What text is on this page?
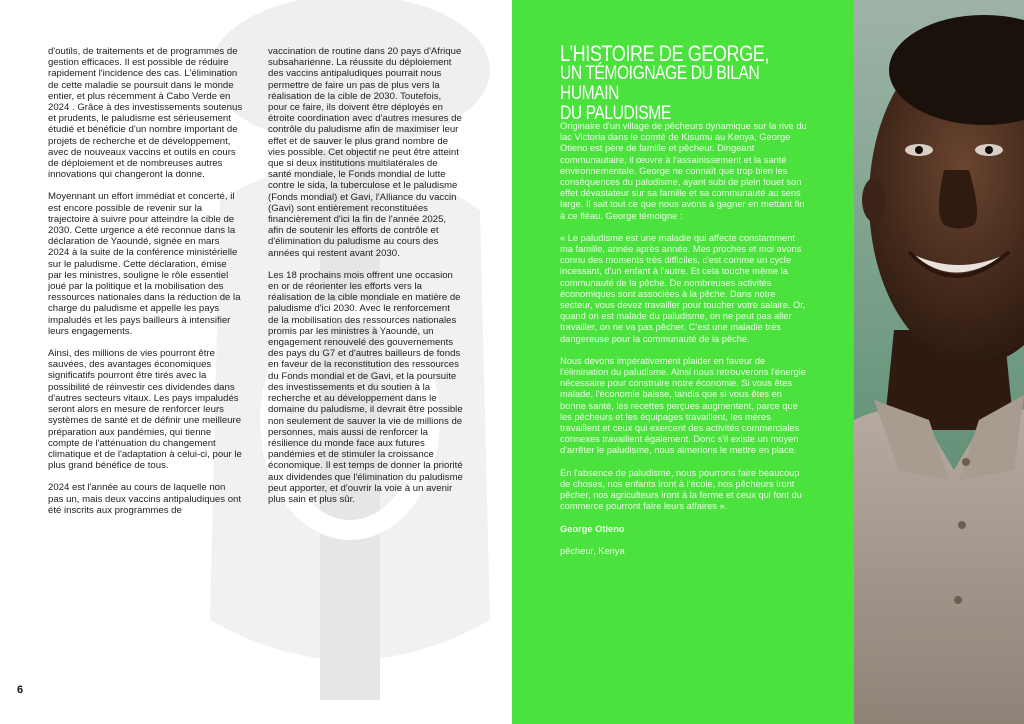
d'outils, de traitements et de programmes de gestion efficaces. Il est possible de réduire rapidement l'incidence des cas. L'élimination de cette maladie se poursuit dans le monde entier, et plus récemment à Cabo Verde en 2024 . Grâce à des investissements soutenus et prudents, le paludisme est sérieusement étudié et bénéficie d'un nombre important de projets de recherche et de développement, avec de nouveaux vaccins et outils en cours de déploiement et de nombreuses autres innovations qui changeront la donne.

Moyennant un effort immédiat et concerté, il est encore possible de revenir sur la trajectoire à suivre pour atteindre la cible de 2030. Cette urgence a été reconnue dans la déclaration de Yaoundé, signée en mars 2024 à la suite de la conférence ministérielle sur le paludisme. Cette déclaration, émise par les ministres, souligne le rôle essentiel joué par la politique et la mobilisation des ressources nationales dans la réduction de la charge du paludisme et appelle les pays impaludés et les pays bailleurs à intensifier leurs engagements.

Ainsi, des millions de vies pourront être sauvées, des avantages économiques significatifs pourront être tirés avec la possibilité de réinvestir ces dividendes dans d'autres secteurs vitaux. Les pays impaludés seront alors en mesure de renforcer leurs systèmes de santé et de définir une meilleure préparation aux pandémies, qui tienne compte de l'atténuation du changement climatique et de l'adaptation à celui-ci, pour le plus grand bénéfice de tous.

2024 est l'année au cours de laquelle non pas un, mais deux vaccins antipaludiques ont été inscrits aux programmes de

vaccination de routine dans 20 pays d'Afrique subsaharienne. La réussite du déploiement des vaccins antipaludiques pourrait nous permettre de faire un pas de plus vers la réalisation de la cible de 2030. Toutefois, pour ce faire, ils doivent être déployés en étroite coordination avec d'autres mesures de contrôle du paludisme afin de maximiser leur effet et de sauver le plus grand nombre de vies possible. Cet objectif ne peut être atteint que si deux institutions multilatérales de santé mondiale, le Fonds mondial de lutte contre le sida, la tuberculose et le paludisme (Fonds mondial) et Gavi, l'Alliance du vaccin (Gavi) sont entièrement reconstituées financièrement d'ici la fin de l'année 2025, afin de soutenir les efforts de contrôle et d'élimination du paludisme au cours des années qui restent avant 2030.

Les 18 prochains mois offrent une occasion en or de réorienter les efforts vers la réalisation de la cible mondiale en matière de paludisme d'ici 2030. Avec le renforcement de la mobilisation des ressources nationales promis par les ministres à Yaoundé, un engagement renouvelé des gouvernements des pays du G7 et d'autres bailleurs de fonds en faveur de la reconstitution des ressources du Fonds mondial et de Gavi, et la poursuite des investissements et du soutien à la recherche et au développement dans le domaine du paludisme, il devrait être possible non seulement de sauver la vie de millions de personnes, mais aussi de renforcer la résilience du monde face aux futures pandémies et de stimuler la croissance économique. Il est temps de donner la priorité aux dividendes que l'élimination du paludisme peut apporter, et d'ouvrir la voie à un avenir plus sain et plus sûr.

6
L'HISTOIRE DE GEORGE,
UN TÉMOIGNAGE DU BILAN HUMAIN
DU PALUDISME

Originaire d'un village de pêcheurs dynamique sur la rive du lac Victoria dans le comté de Kisumu au Kenya, George Otieno est père de famille et pêcheur. Dingeant communautaire, il œuvre à l'assainissement et la santé environnementale. George ne connaît que trop bien les conséquences du paludisme, ayant subi de plein fouet son effet dévastateur sur sa famille et sa communauté au sens large. Il sait tout ce que nous avons à gagner en mettant fin à ce fléau. George témoigne :

« Le paludisme est une maladie qui affecte constamment ma famille, année après année. Mes proches et moi avons connu des moments très difficiles, c'est comme un cycle incessant, d'un enfant à l'autre. Et cela touche même la communauté de la pêche. De nombreuses activités économiques sont associées à la pêche. Dans notre secteur, vous devez travailler pour toucher votre salaire. Or, quand on est malade du paludisme, on ne peut pas aller travailler, on ne va pas pêcher. C'est une maladie très dangereuse pour la communauté de la pêche.

Nous devons impérativement plaider en faveur de l'élimination du paludisme. Ainsi nous retrouverons l'énergie nécessaire pour construire notre économie. Si vous êtes malade, l'économie baisse, tandis que si vous êtes en bonne santé, les recettes perçues augmentent, parce que les pêcheurs et les équipages travaillent, les mères travaillent et ceux qui exercent des activités commerciales connexes travaillent également. Donc s'il existe un moyen d'arrêter le paludisme, nous aimerions le mettre en place.

En l'absence de paludisme, nous pourrons faire beaucoup de choses, nos enfants iront à l'école, nos pêcheurs iront pêcher, nos agriculteurs iront à la ferme et ceux qui font du commerce pourront faire leurs affaires ».

George Otieno

pêcheur, Kenya
